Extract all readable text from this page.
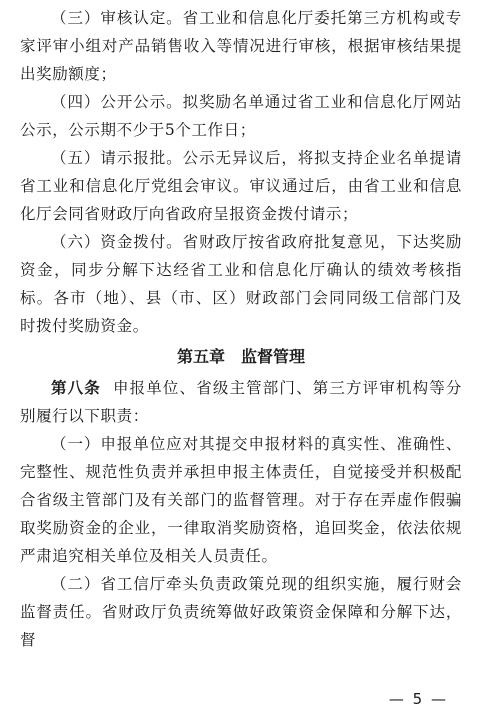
（三）审核认定。省工业和信息化厅委托第三方机构或专家评审小组对产品销售收入等情况进行审核，根据审核结果提出奖励额度；

（四）公开公示。拟奖励名单通过省工业和信息化厅网站公示，公示期不少于5个工作日；

（五）请示报批。公示无异议后，将拟支持企业名单提请省工业和信息化厅党组会审议。审议通过后，由省工业和信息化厅会同省财政厅向省政府呈报资金拨付请示；

（六）资金拨付。省财政厅按省政府批复意见，下达奖励资金，同步分解下达经省工业和信息化厅确认的绩效考核指标。各市（地）、县（市、区）财政部门会同同级工信部门及时拨付奖励资金。

第五章　监督管理

第八条 申报单位、省级主管部门、第三方评审机构等分别履行以下职责：

（一）申报单位应对其提交申报材料的真实性、准确性、完整性、规范性负责并承担申报主体责任，自觉接受并积极配合省级主管部门及有关部门的监督管理。对于存在弄虚作假骗取奖励资金的企业，一律取消奖励资格，追回奖金，依法依规严肃追究相关单位及相关人员责任。

（二）省工信厅牵头负责政策兑现的组织实施，履行财会监督责任。省财政厅负责统筹做好政策资金保障和分解下达，督

— 5 —
